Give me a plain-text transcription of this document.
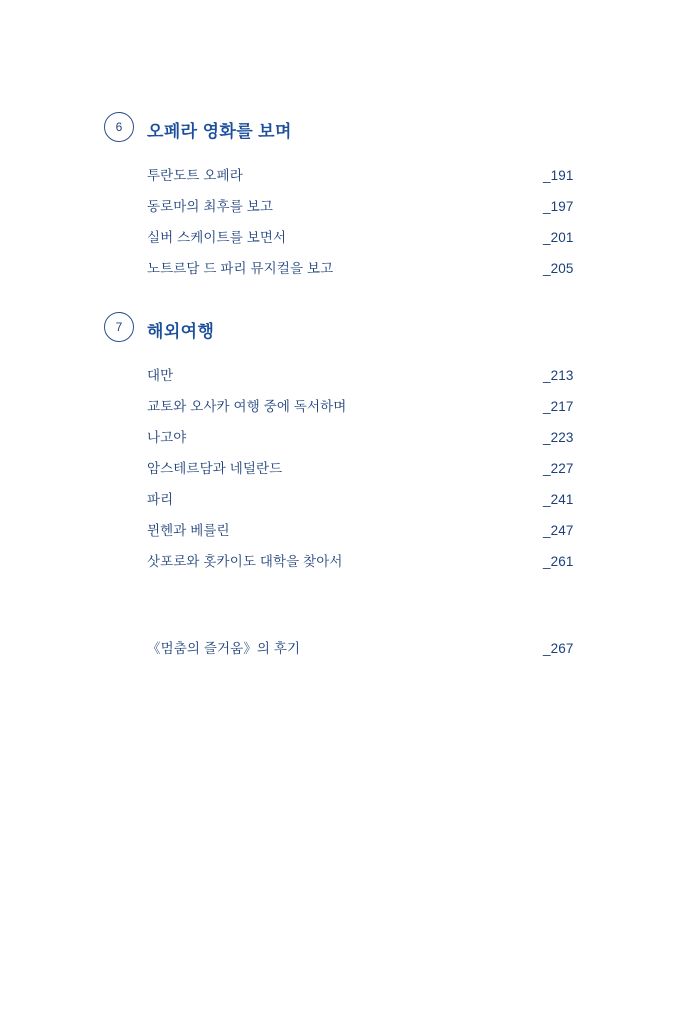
6	오페라 영화를 보며
투란도트 오페라	_191
동로마의 최후를 보고	_197
실버 스케이트를 보면서	_201
노트르담 드 파리 뮤지컬을 보고	_205
7	해외여행
대만	_213
교토와 오사카 여행 중에 독서하며	_217
나고야	_223
암스테르담과 네덜란드	_227
파리	_241
뮌헨과 베를린	_247
삿포로와 홋카이도 대학을 찾아서	_261
《멈춤의 즐거움》의 후기	_267
